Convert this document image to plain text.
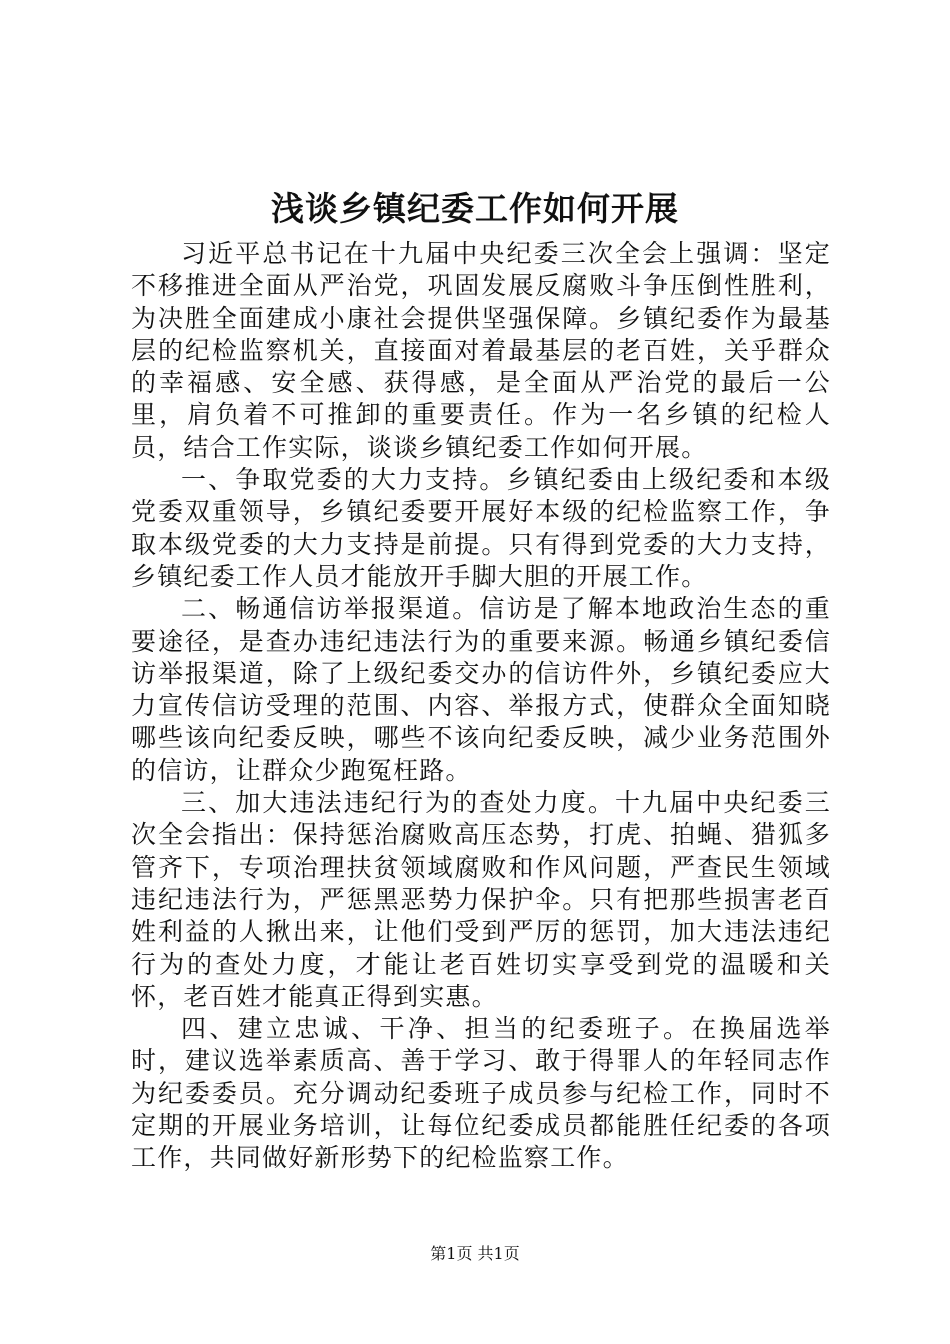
浅谈乡镇纪委工作如何开展

习近平总书记在十九届中央纪委三次全会上强调：坚定不移推进全面从严治党，巩固发展反腐败斗争压倒性胜利，为决胜全面建成小康社会提供坚强保障。乡镇纪委作为最基层的纪检监察机关，直接面对着最基层的老百姓，关乎群众的幸福感、安全感、获得感，是全面从严治党的最后一公里，肩负着不可推卸的重要责任。作为一名乡镇的纪检人员，结合工作实际，谈谈乡镇纪委工作如何开展。

一、争取党委的大力支持。乡镇纪委由上级纪委和本级党委双重领导，乡镇纪委要开展好本级的纪检监察工作，争取本级党委的大力支持是前提。只有得到党委的大力支持，乡镇纪委工作人员才能放开手脚大胆的开展工作。

二、畅通信访举报渠道。信访是了解本地政治生态的重要途径，是查办违纪违法行为的重要来源。畅通乡镇纪委信访举报渠道，除了上级纪委交办的信访件外，乡镇纪委应大力宣传信访受理的范围、内容、举报方式，使群众全面知晓哪些该向纪委反映，哪些不该向纪委反映，减少业务范围外的信访，让群众少跑冤枉路。

三、加大违法违纪行为的查处力度。十九届中央纪委三次全会指出：保持惩治腐败高压态势，打虎、拍蝇、猎狐多管齐下，专项治理扶贫领域腐败和作风问题，严查民生领域违纪违法行为，严惩黑恶势力保护伞。只有把那些损害老百姓利益的人揪出来，让他们受到严厉的惩罚，加大违法违纪行为的查处力度，才能让老百姓切实享受到党的温暖和关怀，老百姓才能真正得到实惠。

四、建立忠诚、干净、担当的纪委班子。在换届选举时，建议选举素质高、善于学习、敢于得罪人的年轻同志作为纪委委员。充分调动纪委班子成员参与纪检工作，同时不定期的开展业务培训，让每位纪委成员都能胜任纪委的各项工作，共同做好新形势下的纪检监察工作。

第1页 共1页
